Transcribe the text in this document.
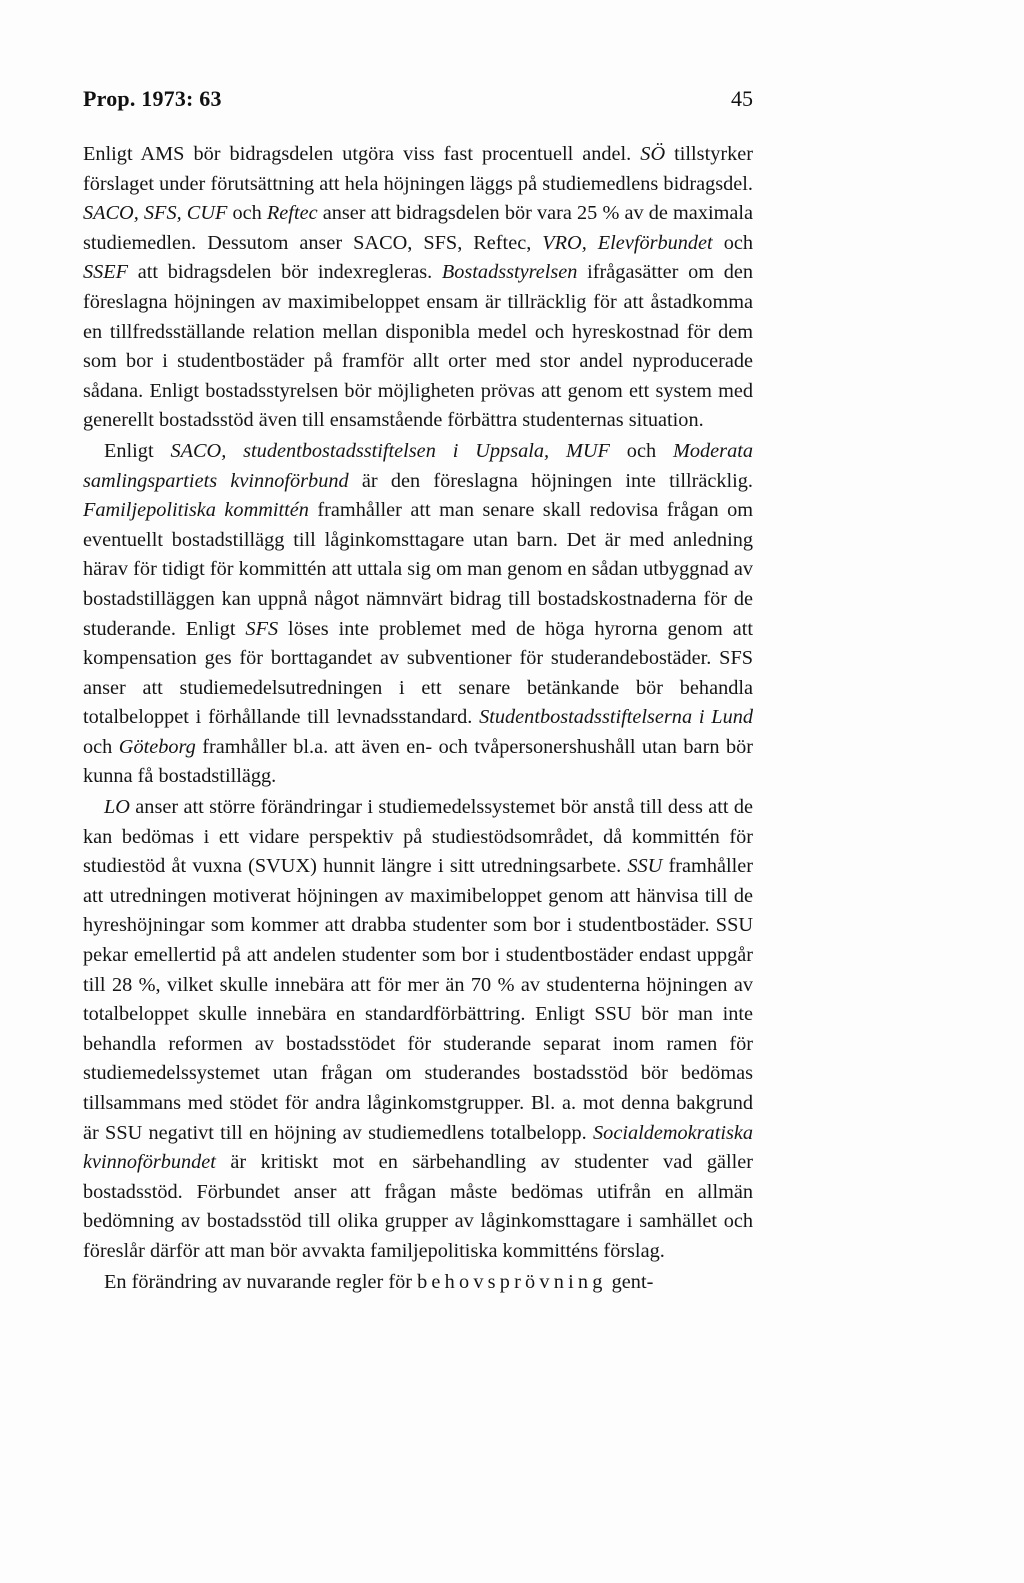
Prop. 1973: 63	45

Enligt AMS bör bidragsdelen utgöra viss fast procentuell andel. SÖ tillstyrker förslaget under förutsättning att hela höjningen läggs på studiemedlens bidragsdel. SACO, SFS, CUF och Reftec anser att bidragsdelen bör vara 25 % av de maximala studiemedlen. Dessutom anser SACO, SFS, Reftec, VRO, Elevförbundet och SSEF att bidragsdelen bör indexregleras. Bostadsstyrelsen ifrågasätter om den föreslagna höjningen av maximibeloppet ensam är tillräcklig för att åstadkomma en tillfredsställande relation mellan disponibla medel och hyreskostnad för dem som bor i studentbostäder på framför allt orter med stor andel nyproducerade sådana. Enligt bostadsstyrelsen bör möjligheten prövas att genom ett system med generellt bostadsstöd även till ensamstående förbättra studenternas situation.

Enligt SACO, studentbostadsstiftelsen i Uppsala, MUF och Moderata samlingspartiets kvinnoförbund är den föreslagna höjningen inte tillräcklig. Familjepolitiska kommittén framhåller att man senare skall redovisa frågan om eventuellt bostadstillägg till låginkomsttagare utan barn. Det är med anledning härav för tidigt för kommittén att uttala sig om man genom en sådan utbyggnad av bostadstilläggen kan uppnå något nämnvärt bidrag till bostadskostnaderna för de studerande. Enligt SFS löses inte problemet med de höga hyrorna genom att kompensation ges för borttagandet av subventioner för studerandebostäder. SFS anser att studiemedelsutredningen i ett senare betänkande bör behandla totalbeloppet i förhållande till levnadsstandard. Studentbostadsstiftelserna i Lund och Göteborg framhåller bl.a. att även en- och tvåpersonershushåll utan barn bör kunna få bostadstillägg.

LO anser att större förändringar i studiemedelssystemet bör anstå till dess att de kan bedömas i ett vidare perspektiv på studiestödsområdet, då kommittén för studiestöd åt vuxna (SVUX) hunnit längre i sitt utredningsarbete. SSU framhåller att utredningen motiverat höjningen av maximibeloppet genom att hänvisa till de hyreshöjningar som kommer att drabba studenter som bor i studentbostäder. SSU pekar emellertid på att andelen studenter som bor i studentbostäder endast uppgår till 28 %, vilket skulle innebära att för mer än 70 % av studenterna höjningen av totalbeloppet skulle innebära en standardförbättring. Enligt SSU bör man inte behandla reformen av bostadsstödet för studerande separat inom ramen för studiemedelssystemet utan frågan om studerandes bostadsstöd bör bedömas tillsammans med stödet för andra låginkomstgrupper. Bl. a. mot denna bakgrund är SSU negativt till en höjning av studiemedlens totalbelopp. Socialdemokratiska kvinnoförbundet är kritiskt mot en särbehandling av studenter vad gäller bostadsstöd. Förbundet anser att frågan måste bedömas utifrån en allmän bedömning av bostadsstöd till olika grupper av låginkomsttagare i samhället och föreslår därför att man bör avvakta familjepolitiska kommitténs förslag.

En förändring av nuvarande regler för behovsprövning gent-
